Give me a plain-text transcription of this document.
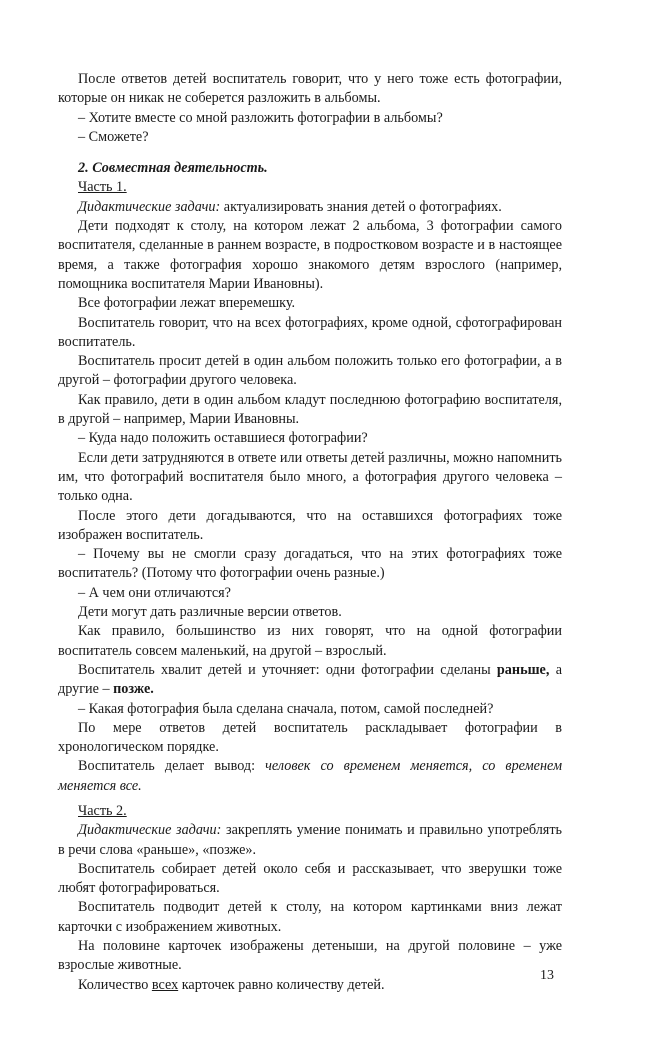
После ответов детей воспитатель говорит, что у него тоже есть фотографии, которые он никак не соберется разложить в альбомы.

– Хотите вместе со мной разложить фотографии в альбомы?

– Сможете?

2. Совместная деятельность.

Часть 1.

Дидактические задачи: актуализировать знания детей о фотографиях.

Дети подходят к столу, на котором лежат 2 альбома, 3 фотографии самого воспитателя, сделанные в раннем возрасте, в подростковом возрасте и в настоящее время, а также фотография хорошо знакомого детям взрослого (например, помощника воспитателя Марии Ивановны).

Все фотографии лежат вперемешку.

Воспитатель говорит, что на всех фотографиях, кроме одной, сфотографирован воспитатель.

Воспитатель просит детей в один альбом положить только его фотографии, а в другой – фотографии другого человека.

Как правило, дети в один альбом кладут последнюю фотографию воспитателя, в другой – например, Марии Ивановны.

– Куда надо положить оставшиеся фотографии?

Если дети затрудняются в ответе или ответы детей различны, можно напомнить им, что фотографий воспитателя было много, а фотография другого человека – только одна.

После этого дети догадываются, что на оставшихся фотографиях тоже изображен воспитатель.

– Почему вы не смогли сразу догадаться, что на этих фотографиях тоже воспитатель? (Потому что фотографии очень разные.)

– А чем они отличаются?

Дети могут дать различные версии ответов.

Как правило, большинство из них говорят, что на одной фотографии воспитатель совсем маленький, на другой – взрослый.

Воспитатель хвалит детей и уточняет: одни фотографии сделаны раньше, а другие – позже.

– Какая фотография была сделана сначала, потом, самой последней?

По мере ответов детей воспитатель раскладывает фотографии в хронологическом порядке.

Воспитатель делает вывод: человек со временем меняется, со временем меняется все.

Часть 2.

Дидактические задачи: закреплять умение понимать и правильно употреблять в речи слова «раньше», «позже».

Воспитатель собирает детей около себя и рассказывает, что зверушки тоже любят фотографироваться.

Воспитатель подводит детей к столу, на котором картинками вниз лежат карточки с изображением животных.

На половине карточек изображены детеныши, на другой половине – уже взрослые животные.

Количество всех карточек равно количеству детей.

13
